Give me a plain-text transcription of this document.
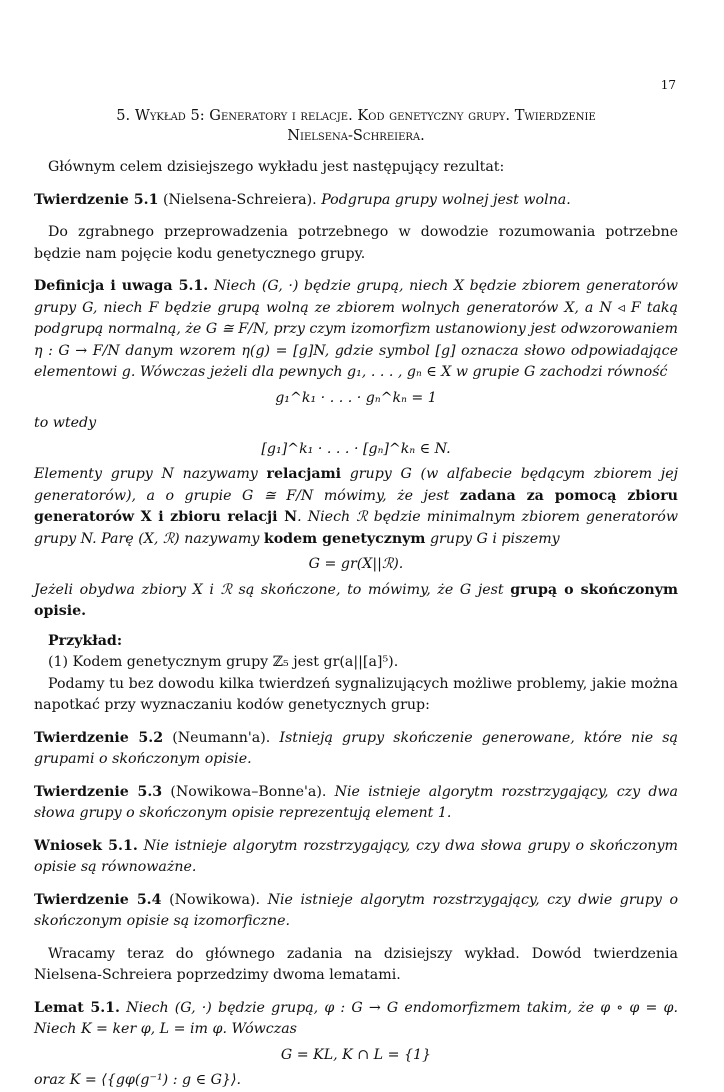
17
5. Wykład 5: Generatory i relacje. Kod genetyczny grupy. Twierdzenie
Nielsena-Schreiera.

Głównym celem dzisiejszego wykładu jest następujący rezultat:

Twierdzenie 5.1 (Nielsena-Schreiera). Podgrupa grupy wolnej jest wolna.

Do zgrabnego przeprowadzenia potrzebnego w dowodzie rozumowania potrzebne będzie nam pojęcie kodu genetycznego grupy.

Definicja i uwaga 5.1. Niech (G, ·) będzie grupą, niech X będzie zbiorem generatorów grupy G, niech F będzie grupą wolną ze zbiorem wolnych generatorów X, a N ◃ F taką podgrupą normalną, że G ≅ F/N, przy czym izomorfizm ustanowiony jest odwzorowaniem η : G → F/N danym wzorem η(g) = [g]N, gdzie symbol [g] oznacza słowo odpowiadające elementowi g. Wówczas jeżeli dla pewnych g₁, . . . , gₙ ∈ X w grupie G zachodzi równość

g₁^k₁ · . . . · gₙ^kₙ = 1

to wtedy

[g₁]^k₁ · . . . · [gₙ]^kₙ ∈ N.

Elementy grupy N nazywamy relacjami grupy G (w alfabecie będącym zbiorem jej generatorów), a o grupie G ≅ F/N mówimy, że jest zadana za pomocą zbioru generatorów X i zbioru relacji N. Niech ℛ będzie minimalnym zbiorem generatorów grupy N. Parę (X, ℛ) nazywamy kodem genetycznym grupy G i piszemy

G = gr(X||ℛ).

Jeżeli obydwa zbiory X i ℛ są skończone, to mówimy, że G jest grupą o skończonym opisie.

Przykład:

(1) Kodem genetycznym grupy ℤ₅ jest gr(a||[a]⁵).

Podamy tu bez dowodu kilka twierdzeń sygnalizujących możliwe problemy, jakie można napotkać przy wyznaczaniu kodów genetycznych grup:

Twierdzenie 5.2 (Neumann'a). Istnieją grupy skończenie generowane, które nie są grupami o skończonym opisie.

Twierdzenie 5.3 (Nowikowa–Bonne'a). Nie istnieje algorytm rozstrzygający, czy dwa słowa grupy o skończonym opisie reprezentują element 1.

Wniosek 5.1. Nie istnieje algorytm rozstrzygający, czy dwa słowa grupy o skończonym opisie są równoważne.

Twierdzenie 5.4 (Nowikowa). Nie istnieje algorytm rozstrzygający, czy dwie grupy o skończonym opisie są izomorficzne.

Wracamy teraz do głównego zadania na dzisiejszy wykład. Dowód twierdzenia Nielsena-Schreiera poprzedzimy dwoma lematami.

Lemat 5.1. Niech (G, ·) będzie grupą, φ : G → G endomorfizmem takim, że φ ∘ φ = φ. Niech K = ker φ, L = im φ. Wówczas

G = KL, K ∩ L = {1}

oraz K = ⟨{gφ(g⁻¹) : g ∈ G}⟩.
